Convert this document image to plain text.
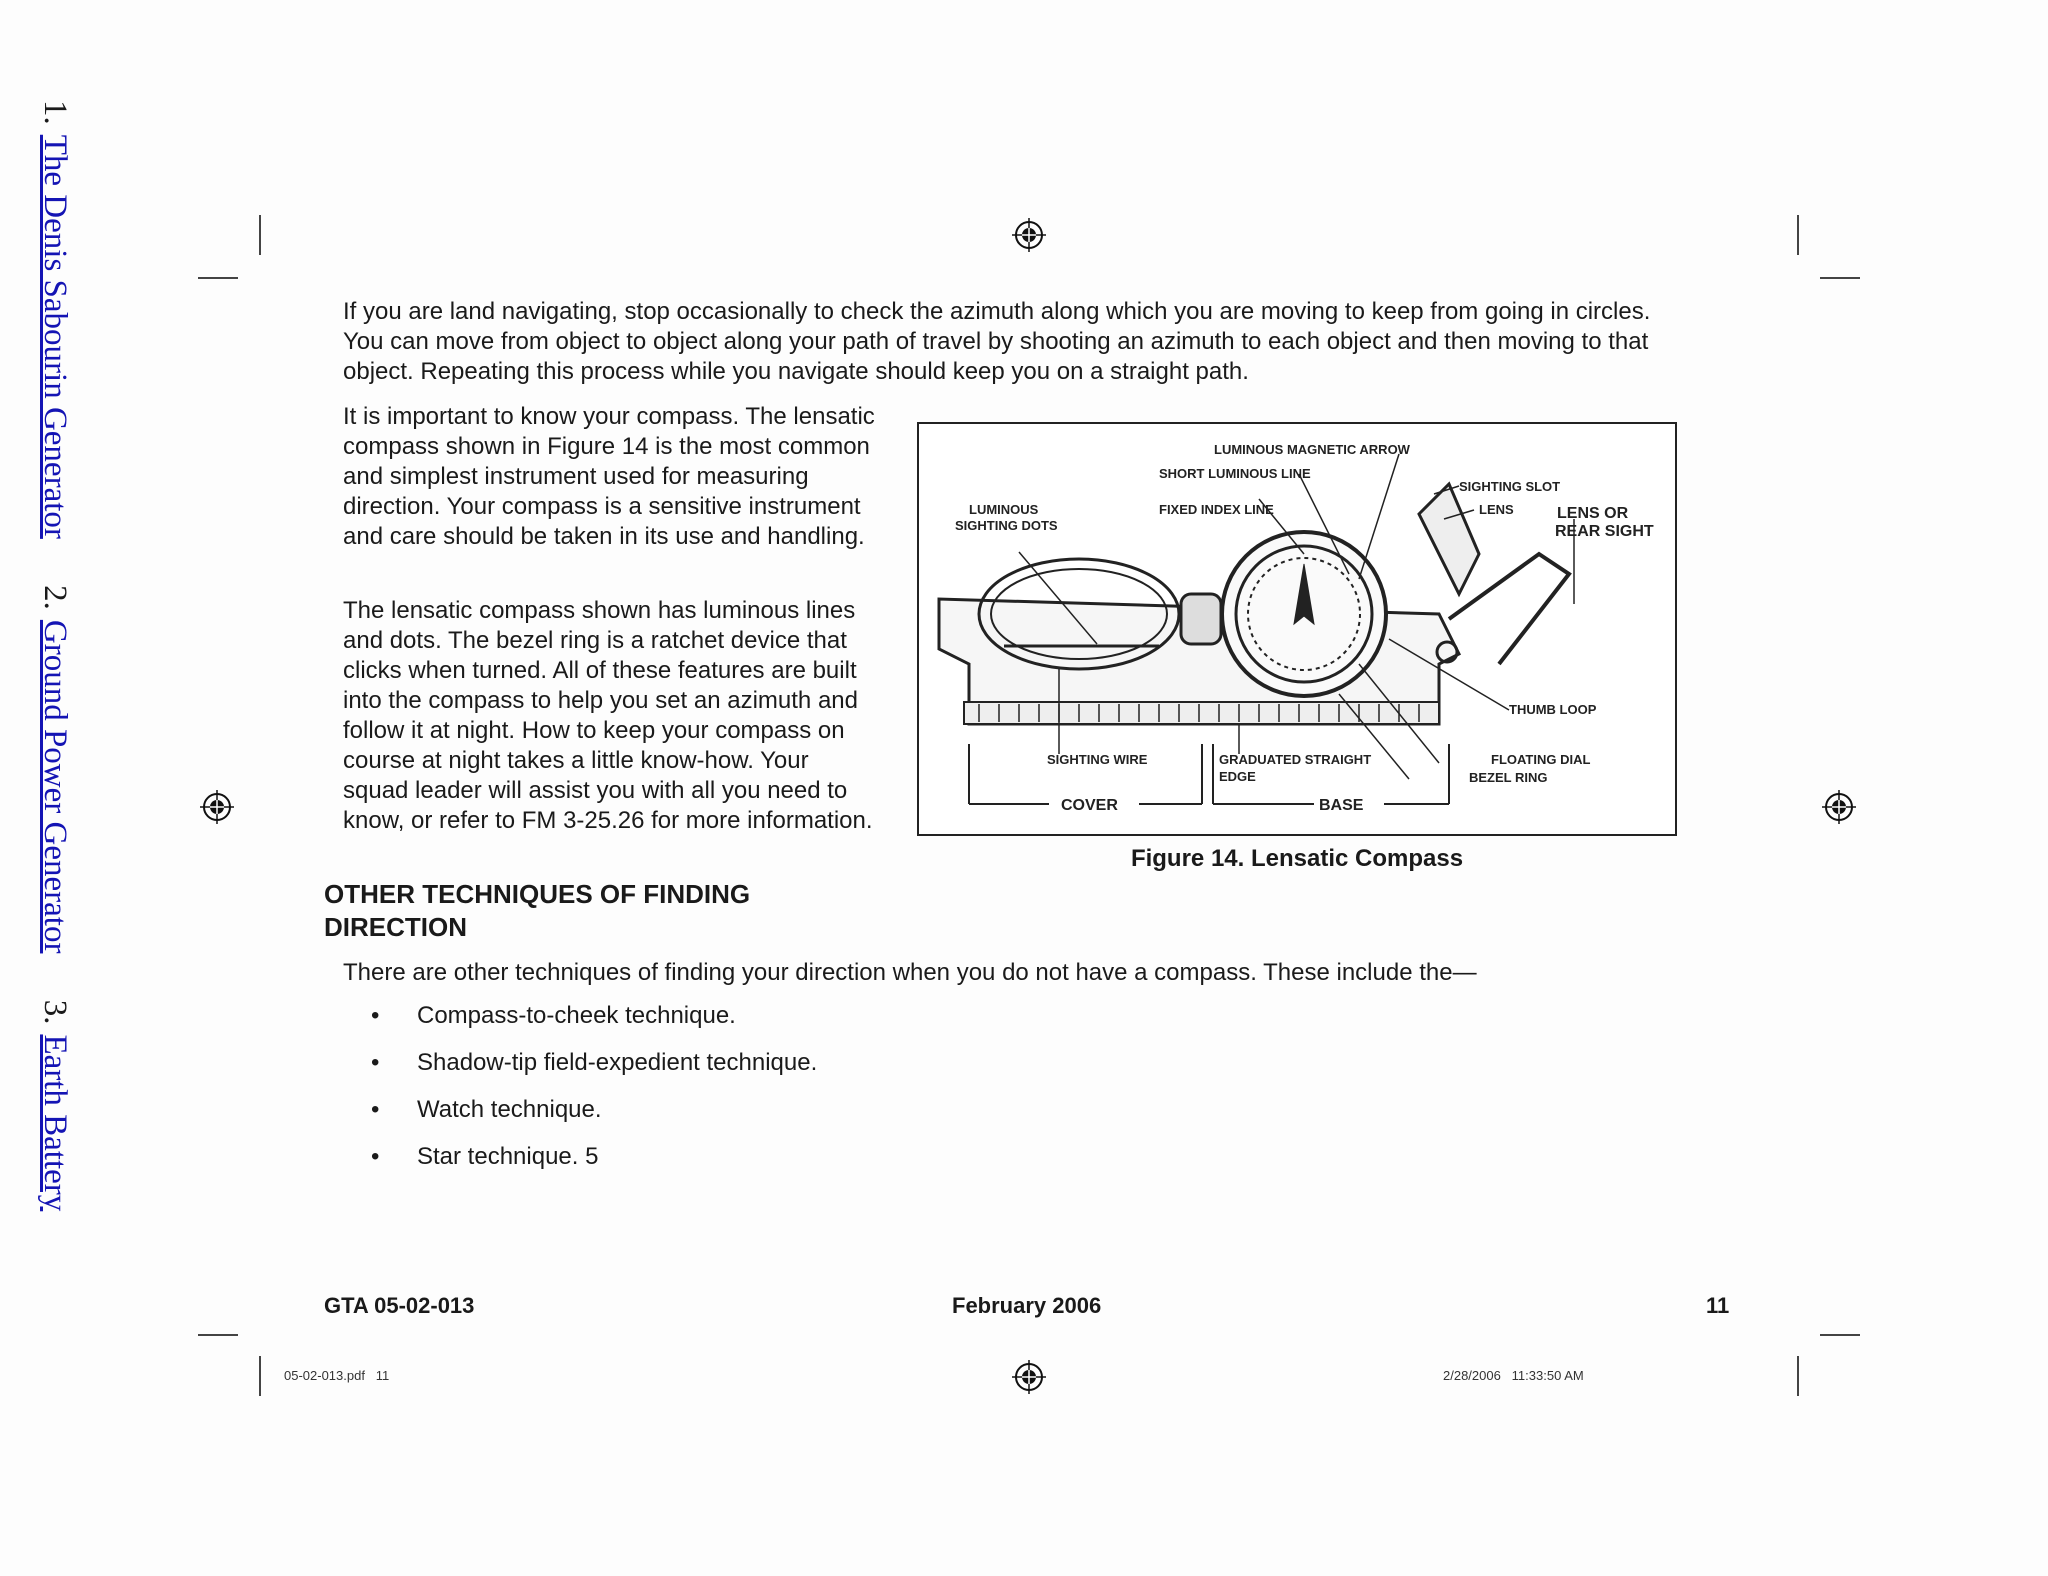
1.The Denis Sabourin Generator 2.Ground Power Generator 3.Earth Battery

If you are land navigating, stop occasionally to check the azimuth along which you are moving to keep from going in circles. You can move from object to object along your path of travel by shooting an azimuth to each object and then moving to that object. Repeating this process while you navigate should keep you on a straight path.

It is important to know your compass. The lensatic compass shown in Figure 14 is the most common and simplest instrument used for measuring direction. Your compass is a sensitive instrument and care should be taken in its use and handling.

The lensatic compass shown has luminous lines and dots. The bezel ring is a ratchet device that clicks when turned. All of these features are built into the compass to help you set an azimuth and follow it at night. How to keep your compass on course at night takes a little know-how. Your squad leader will assist you with all you need to know, or refer to FM 3-25.26 for more information.

OTHER TECHNIQUES OF FINDING DIRECTION

There are other techniques of finding your direction when you do not have a compass. These include the—

• Compass-to-cheek technique.
• Shadow-tip field-expedient technique.
• Watch technique.
• Star technique. 5
LUMINOUS MAGNETIC ARROW
SHORT LUMINOUS LINE
SIGHTING SLOT
LENS
LUMINOUS
SIGHTING DOTS
FIXED INDEX LINE
THUMB LOOP
SIGHTING WIRE	GRADUATED STRAIGHT
EDGE
FLOATING DIAL
BEZEL RING
LENS OR
REAR SIGHT
COVER	BASE
Figure 14. Lensatic Compass
GTA 05-02-013	February 2006	11
05-02-013.pdf   11	2/28/2006   11:33:50 AM
